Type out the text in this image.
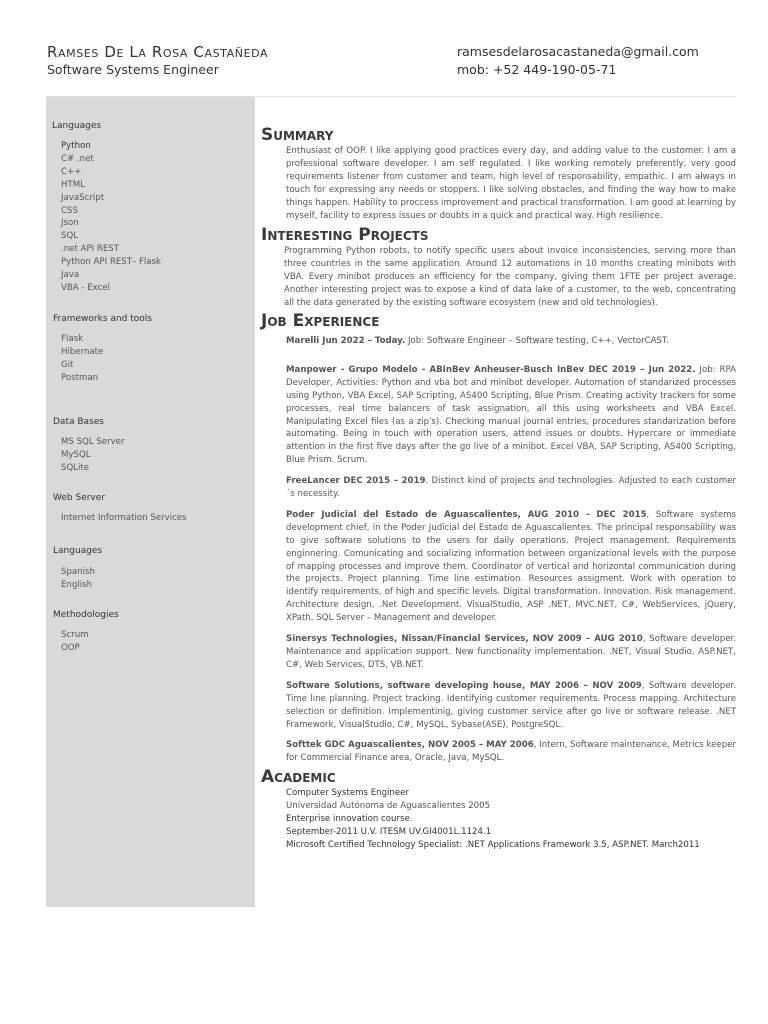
Ramses De La Rosa Castañeda
Software Systems Engineer
ramsesdelarosacastaneda@gmail.com
mob: +52 449-190-05-71
Languages
Python
C# .net
C++
HTML
JavaScript
CSS
Json
SQL
.net API REST
Python API REST– Flask
Java
VBA - Excel
Frameworks and tools
Flask
Hibernate
Git
Postman
Data Bases
MS SQL Server
MySQL
SQLite
Web Server
Internet Information Services
Languages
Spanish
English
Methodologies
Scrum
OOP
Summary

Enthusiast of OOP. I like applying good practices every day, and adding value to the customer. I am a professional software developer. I am self regulated. I like working remotely preferently, very good requirements listener from customer and team, high level of responsability, empathic. I am always in touch for expressing any needs or stoppers. I like solving obstacles, and finding the way how to make things happen. Hability to proccess improvement and practical transformation. I am good at learning by myself, facility to express issues or doubts in a quick and practical way. High resilience.

Interesting Projects

Programming Python robots, to notify specific users about invoice inconsistencies, serving more than three countries in the same application. Around 12 automations in 10 months creating minibots with VBA. Every minibot produces an efficiency for the company, giving them 1FTE per project average. Another interesting project was to expose a kind of data lake of a customer, to the web, concentrating all the data generated by the existing software ecosystem (new and old technologies).

Job Experience

Marelli Jun 2022 – Today. Job: Software Engineer – Software testing, C++, VectorCAST.

Manpower - Grupo Modelo - ABInBev Anheuser-Busch InBev DEC 2019 – Jun 2022. Job: RPA Developer, Activities: Python and vba bot and minibot developer. Automation of standarized processes using Python, VBA Excel, SAP Scripting, AS400 Scripting, Blue Prism. Creating activity trackers for some processes, real time balancers of task assignation, all this using worksheets and VBA Excel. Manipulating Excel files (as a zip's). Checking manual journal entries, procedures standarization before automating. Being in touch with operation users, attend issues or doubts. Hypercare or immediate attention in the first five days after the go live of a minibot. Excel VBA, SAP Scripting, AS400 Scripting, Blue Prism. Scrum.

FreeLancer DEC 2015 – 2019. Distinct kind of projects and technologies. Adjusted to each customer´s necessity.

Poder Judicial del Estado de Aguascalientes, AUG 2010 - DEC 2015, Software systems development chief, in the Poder Judicial del Estado de Aguascalientes. The principal responsability was to give software solutions to the users for daily operations. Project management. Requirements enginnering. Comunicating and socializing information between organizational levels with the purpose of mapping processes and improve them. Coordinator of vertical and horizontal communication during the projects. Project planning. Time line estimation. Resources assigment. Work with operation to identify requirements, of high and specific levels. Digital transformation. Innovation. Risk management. Architecture design, .Net Development. VisualStudio, ASP .NET, MVC.NET, C#, WebServices, jQuery, XPath, SQL Server – Management and developer.

Sinersys Technologies, Nissan/Financial Services, NOV 2009 – AUG 2010, Software developer. Maintenance and application support. New functionality implementation. .NET, Visual Studio, ASP.NET, C#, Web Services, DTS, VB.NET.

Software Solutions, software developing house, MAY 2006 – NOV 2009, Software developer. Time line planning. Project tracking. Identifying customer requirements. Process mapping. Architecture selection or definition. Implementinig, giving customer service after go live or software release. .NET Framework, VisualStudio, C#, MySQL, Sybase(ASE), PostgreSQL.

Softtek GDC Aguascalientes, NOV 2005 – MAY 2006, Intern, Software maintenance, Metrics keeper for Commercial Finance area, Oracle, Java, MySQL.

Academic
Computer Systems Engineer
Universidad Autónoma de Aguascalientes 2005
Enterprise innovation course.
September-2011 U.V. ITESM UV.GI4001L.1124.1
Microsoft Certified Technology Specialist: .NET Applications Framework 3.5, ASP.NET. March2011
